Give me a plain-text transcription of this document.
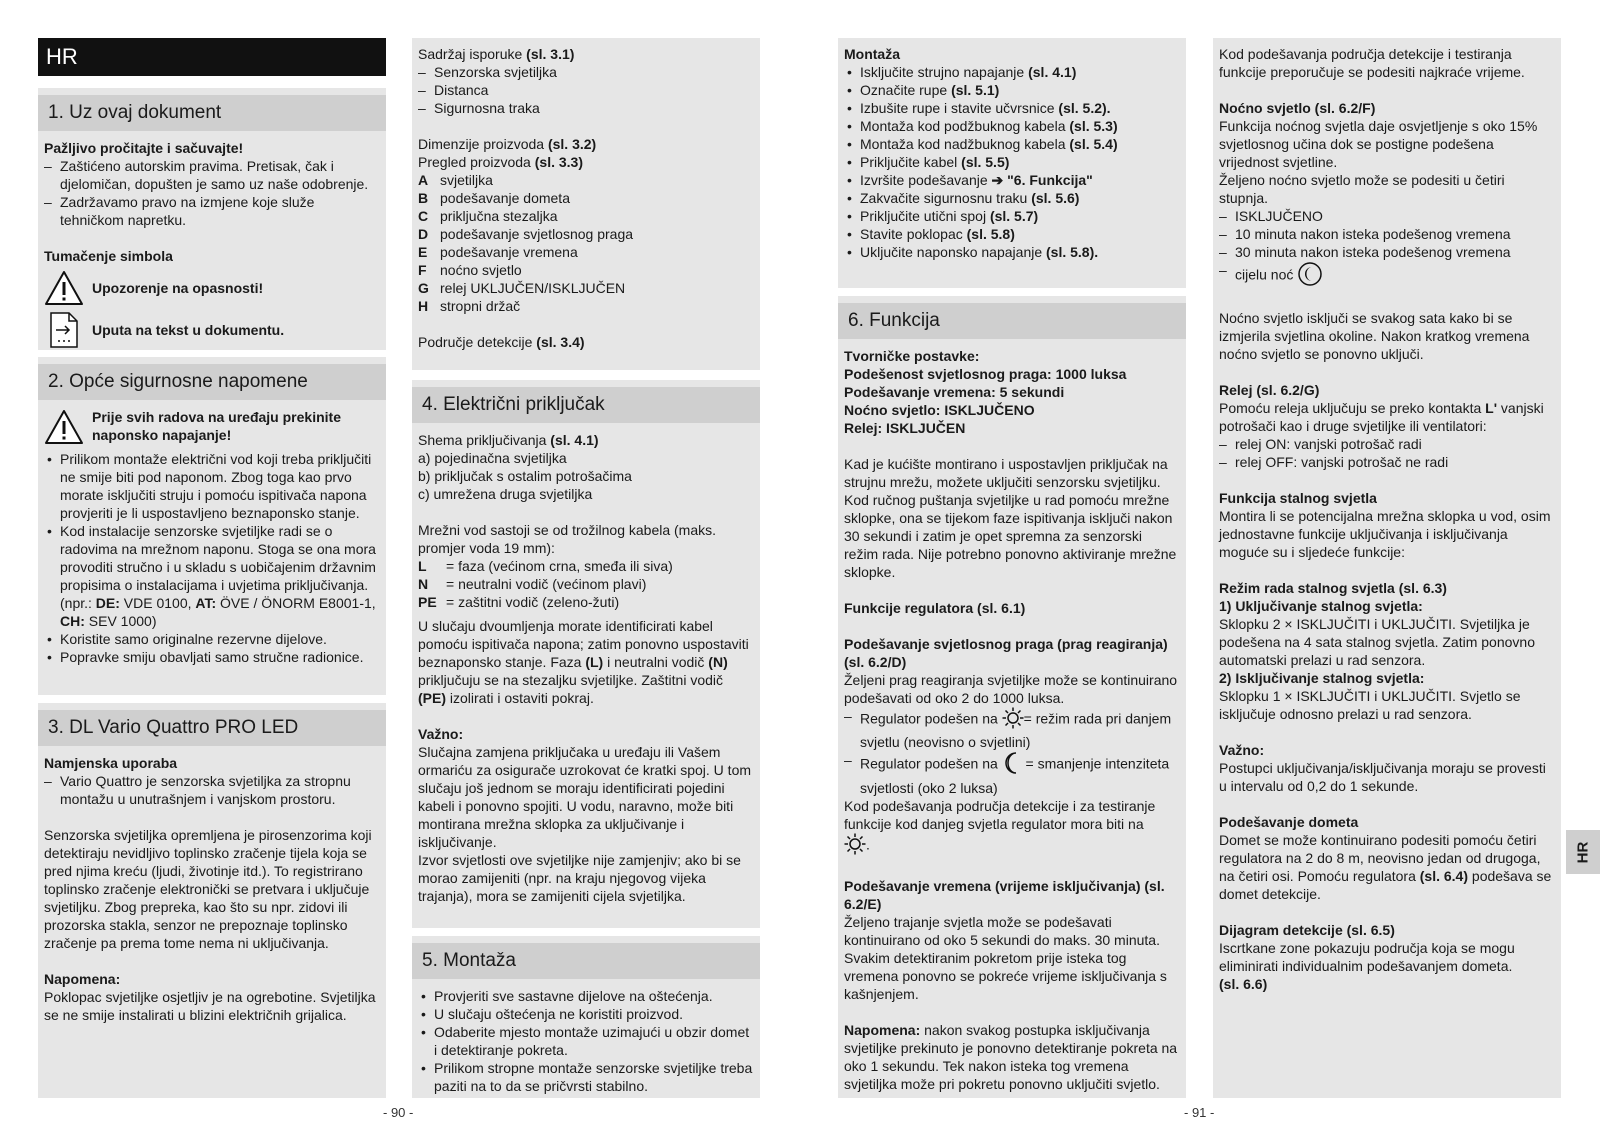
HR
1. Uz ovaj dokument

Pažljivo pročitajte i sačuvajte!

– Zaštićeno autorskim pravima. Pretisak, čak i djelomičan, dopušten je samo uz naše odobrenje.
– Zadržavamo pravo na izmjene koje služe tehničkom napretku.

Tumačenje simbola

Upozorenje na opasnosti!
Uputa na tekst u dokumentu.
2. Opće sigurnosne napomene
Prije svih radova na uređaju prekinite naponsko napajanje!
• Prilikom montaže električni vod koji treba priključiti ne smije biti pod naponom. Zbog toga kao prvo morate isključiti struju i pomoću ispitivača napona provjeriti je li uspostavljeno beznaponsko stanje.
• Kod instalacije senzorske svjetiljke radi se o radovima na mrežnom naponu. Stoga se ona mora provoditi stručno i u skladu s uobičajenim državnim propisima o instalacijama i uvjetima priključivanja. (npr.: DE: VDE 0100, AT: ÖVE / ÖNORM E8001-1, CH: SEV 1000)
• Koristite samo originalne rezervne dijelove.
• Popravke smiju obavljati samo stručne radionice.
3. DL Vario Quattro PRO LED

Namjenska uporaba

– Vario Quattro je senzorska svjetiljka za stropnu montažu u unutrašnjem i vanjskom prostoru.

Senzorska svjetiljka opremljena je pirosenzorima koji detektiraju nevidljivo toplinsko zračenje tijela koja se pred njima kreću (ljudi, životinje itd.). To registrirano toplinsko zračenje elektronički se pretvara i uključuje svjetiljku. Zbog prepreka, kao što su npr. zidovi ili prozorska stakla, senzor ne prepoznaje toplinsko zračenje pa prema tome nema ni uključivanja.

Napomena:

Poklopac svjetiljke osjetljiv je na ogrebotine. Svjetiljka se ne smije instalirati u blizini električnih grijalica.

Sadržaj isporuke (sl. 3.1)

– Senzorska svjetiljka
– Distanca
– Sigurnosna traka

Dimenzije proizvoda (sl. 3.2)

Pregled proizvoda (sl. 3.3)

A svjetiljka

B podešavanje dometa

C priključna stezaljka

D podešavanje svjetlosnog praga

E podešavanje vremena

F noćno svjetlo

G relej UKLJUČEN/ISKLJUČEN

H stropni držač

Područje detekcije (sl. 3.4)

4. Električni priključak

Shema priključivanja (sl. 4.1)

a) pojedinačna svjetiljka

b) priključak s ostalim potrošačima

c) umrežena druga svjetiljka

Mrežni vod sastoji se od trožilnog kabela (maks. promjer voda 19 mm):

L = faza (većinom crna, smeđa ili siva)

N = neutralni vodič (većinom plavi)

PE = zaštitni vodič (zeleno-žuti)

U slučaju dvoumljenja morate identificirati kabel pomoću ispitivača napona; zatim ponovno uspostaviti beznaponsko stanje. Faza (L) i neutralni vodič (N) priključuju se na stezaljku svjetiljke. Zaštitni vodič (PE) izolirati i ostaviti pokraj.

Važno:

Slučajna zamjena priključaka u uređaju ili Vašem ormariću za osigurače uzrokovat će kratki spoj. U tom slučaju još jednom se moraju identificirati pojedini kabeli i ponovno spojiti. U vodu, naravno, može biti montirana mrežna sklopka za uključivanje i isključivanje.

Izvor svjetlosti ove svjetiljke nije zamjenjiv; ako bi se morao zamijeniti (npr. na kraju njegovog vijeka trajanja), mora se zamijeniti cijela svjetiljka.

5. Montaža
• Provjeriti sve sastavne dijelove na oštećenja.
• U slučaju oštećenja ne koristiti proizvod.
• Odaberite mjesto montaže uzimajući u obzir domet i detektiranje pokreta.
• Prilikom stropne montaže senzorske svjetiljke treba paziti na to da se pričvrsti stabilno.
- 90 -

Montaža

• Isključite strujno napajanje (sl. 4.1)
• Označite rupe (sl. 5.1)
• Izbušite rupe i stavite učvrsnice (sl. 5.2).
• Montaža kod podžbuknog kabela (sl. 5.3)
• Montaža kod nadžbuknog kabela (sl. 5.4)
• Priključite kabel (sl. 5.5)
• Izvršite podešavanje ➔ "6. Funkcija"
• Zakvačite sigurnosnu traku (sl. 5.6)
• Priključite utični spoj (sl. 5.7)
• Stavite poklopac (sl. 5.8)
• Uključite naponsko napajanje (sl. 5.8).
6. Funkcija

Tvorničke postavke:

Podešenost svjetlosnog praga: 1000 luksa

Podešavanje vremena: 5 sekundi

Noćno svjetlo: ISKLJUČENO

Relej: ISKLJUČEN

Kad je kućište montirano i uspostavljen priključak na strujnu mrežu, možete uključiti senzorsku svjetiljku. Kod ručnog puštanja svjetiljke u rad pomoću mrežne sklopke, ona se tijekom faze ispitivanja isključi nakon 30 sekundi i zatim je opet spremna za senzorski režim rada. Nije potrebno ponovno aktiviranje mrežne sklopke.

Funkcije regulatora (sl. 6.1)

Podešavanje svjetlosnog praga (prag reagiranja) (sl. 6.2/D)

Željeni prag reagiranja svjetiljke može se kontinuirano podešavati od oko 2 do 1000 luksa.

– Regulator podešen na = režim rada pri danjem svjetlu (neovisno o svjetlini)
– Regulator podešen na  = smanjenje intenziteta svjetlosti (oko 2 luksa)

Kod podešavanja područja detekcije i za testiranje funkcije kod danjeg svjetla regulator mora biti na
.

Podešavanje vremena (vrijeme isključivanja) (sl. 6.2/E)

Željeno trajanje svjetla može se podešavati kontinuirano od oko 5 sekundi do maks. 30 minuta. Svakim detektiranim pokretom prije isteka tog vremena ponovno se pokreće vrijeme isključivanja s kašnjenjem.

Napomena: nakon svakog postupka isključivanja svjetiljke prekinuto je ponovno detektiranje pokreta na oko 1 sekundu. Tek nakon isteka tog vremena svjetiljka može pri pokretu ponovno uključiti svjetlo.

Kod podešavanja područja detekcije i testiranja funkcije preporučuje se podesiti najkraće vrijeme.

Noćno svjetlo (sl. 6.2/F)

Funkcija noćnog svjetla daje osvjetljenje s oko 15% svjetlosnog učina dok se postigne podešena vrijednost svjetline.

Željeno noćno svjetlo može se podesiti u četiri stupnja.

– ISKLJUČENO
– 10 minuta nakon isteka podešenog vremena
– 30 minuta nakon isteka podešenog vremena
– cijelu noć

Noćno svjetlo isključi se svakog sata kako bi se izmjerila svjetlina okoline. Nakon kratkog vremena noćno svjetlo se ponovno uključi.

Relej (sl. 6.2/G)

Pomoću releja uključuju se preko kontakta L' vanjski potrošači kao i druge svjetiljke ili ventilatori:

– relej ON: vanjski potrošač radi
– relej OFF: vanjski potrošač ne radi

Funkcija stalnog svjetla

Montira li se potencijalna mrežna sklopka u vod, osim jednostavne funkcije uključivanja i isključivanja moguće su i sljedeće funkcije:

Režim rada stalnog svjetla (sl. 6.3)

1) Uključivanje stalnog svjetla:

Sklopku 2 × ISKLJUČITI i UKLJUČITI. Svjetiljka je podešena na 4 sata stalnog svjetla. Zatim ponovno automatski prelazi u rad senzora.

2) Isključivanje stalnog svjetla:

Sklopku 1 × ISKLJUČITI i UKLJUČITI. Svjetlo se isključuje odnosno prelazi u rad senzora.

Važno:

Postupci uključivanja/isključivanja moraju se provesti u intervalu od 0,2 do 1 sekunde.

Podešavanje dometa

Domet se može kontinuirano podesiti pomoću četiri regulatora na 2 do 8 m, neovisno jedan od drugoga, na četiri osi. Pomoću regulatora (sl. 6.4) podešava se domet detekcije.

Dijagram detekcije (sl. 6.5)

Iscrtkane zone pokazuju područja koja se mogu eliminirati individualnim podešavanjem dometa.

(sl. 6.6)

HR
- 91 -
